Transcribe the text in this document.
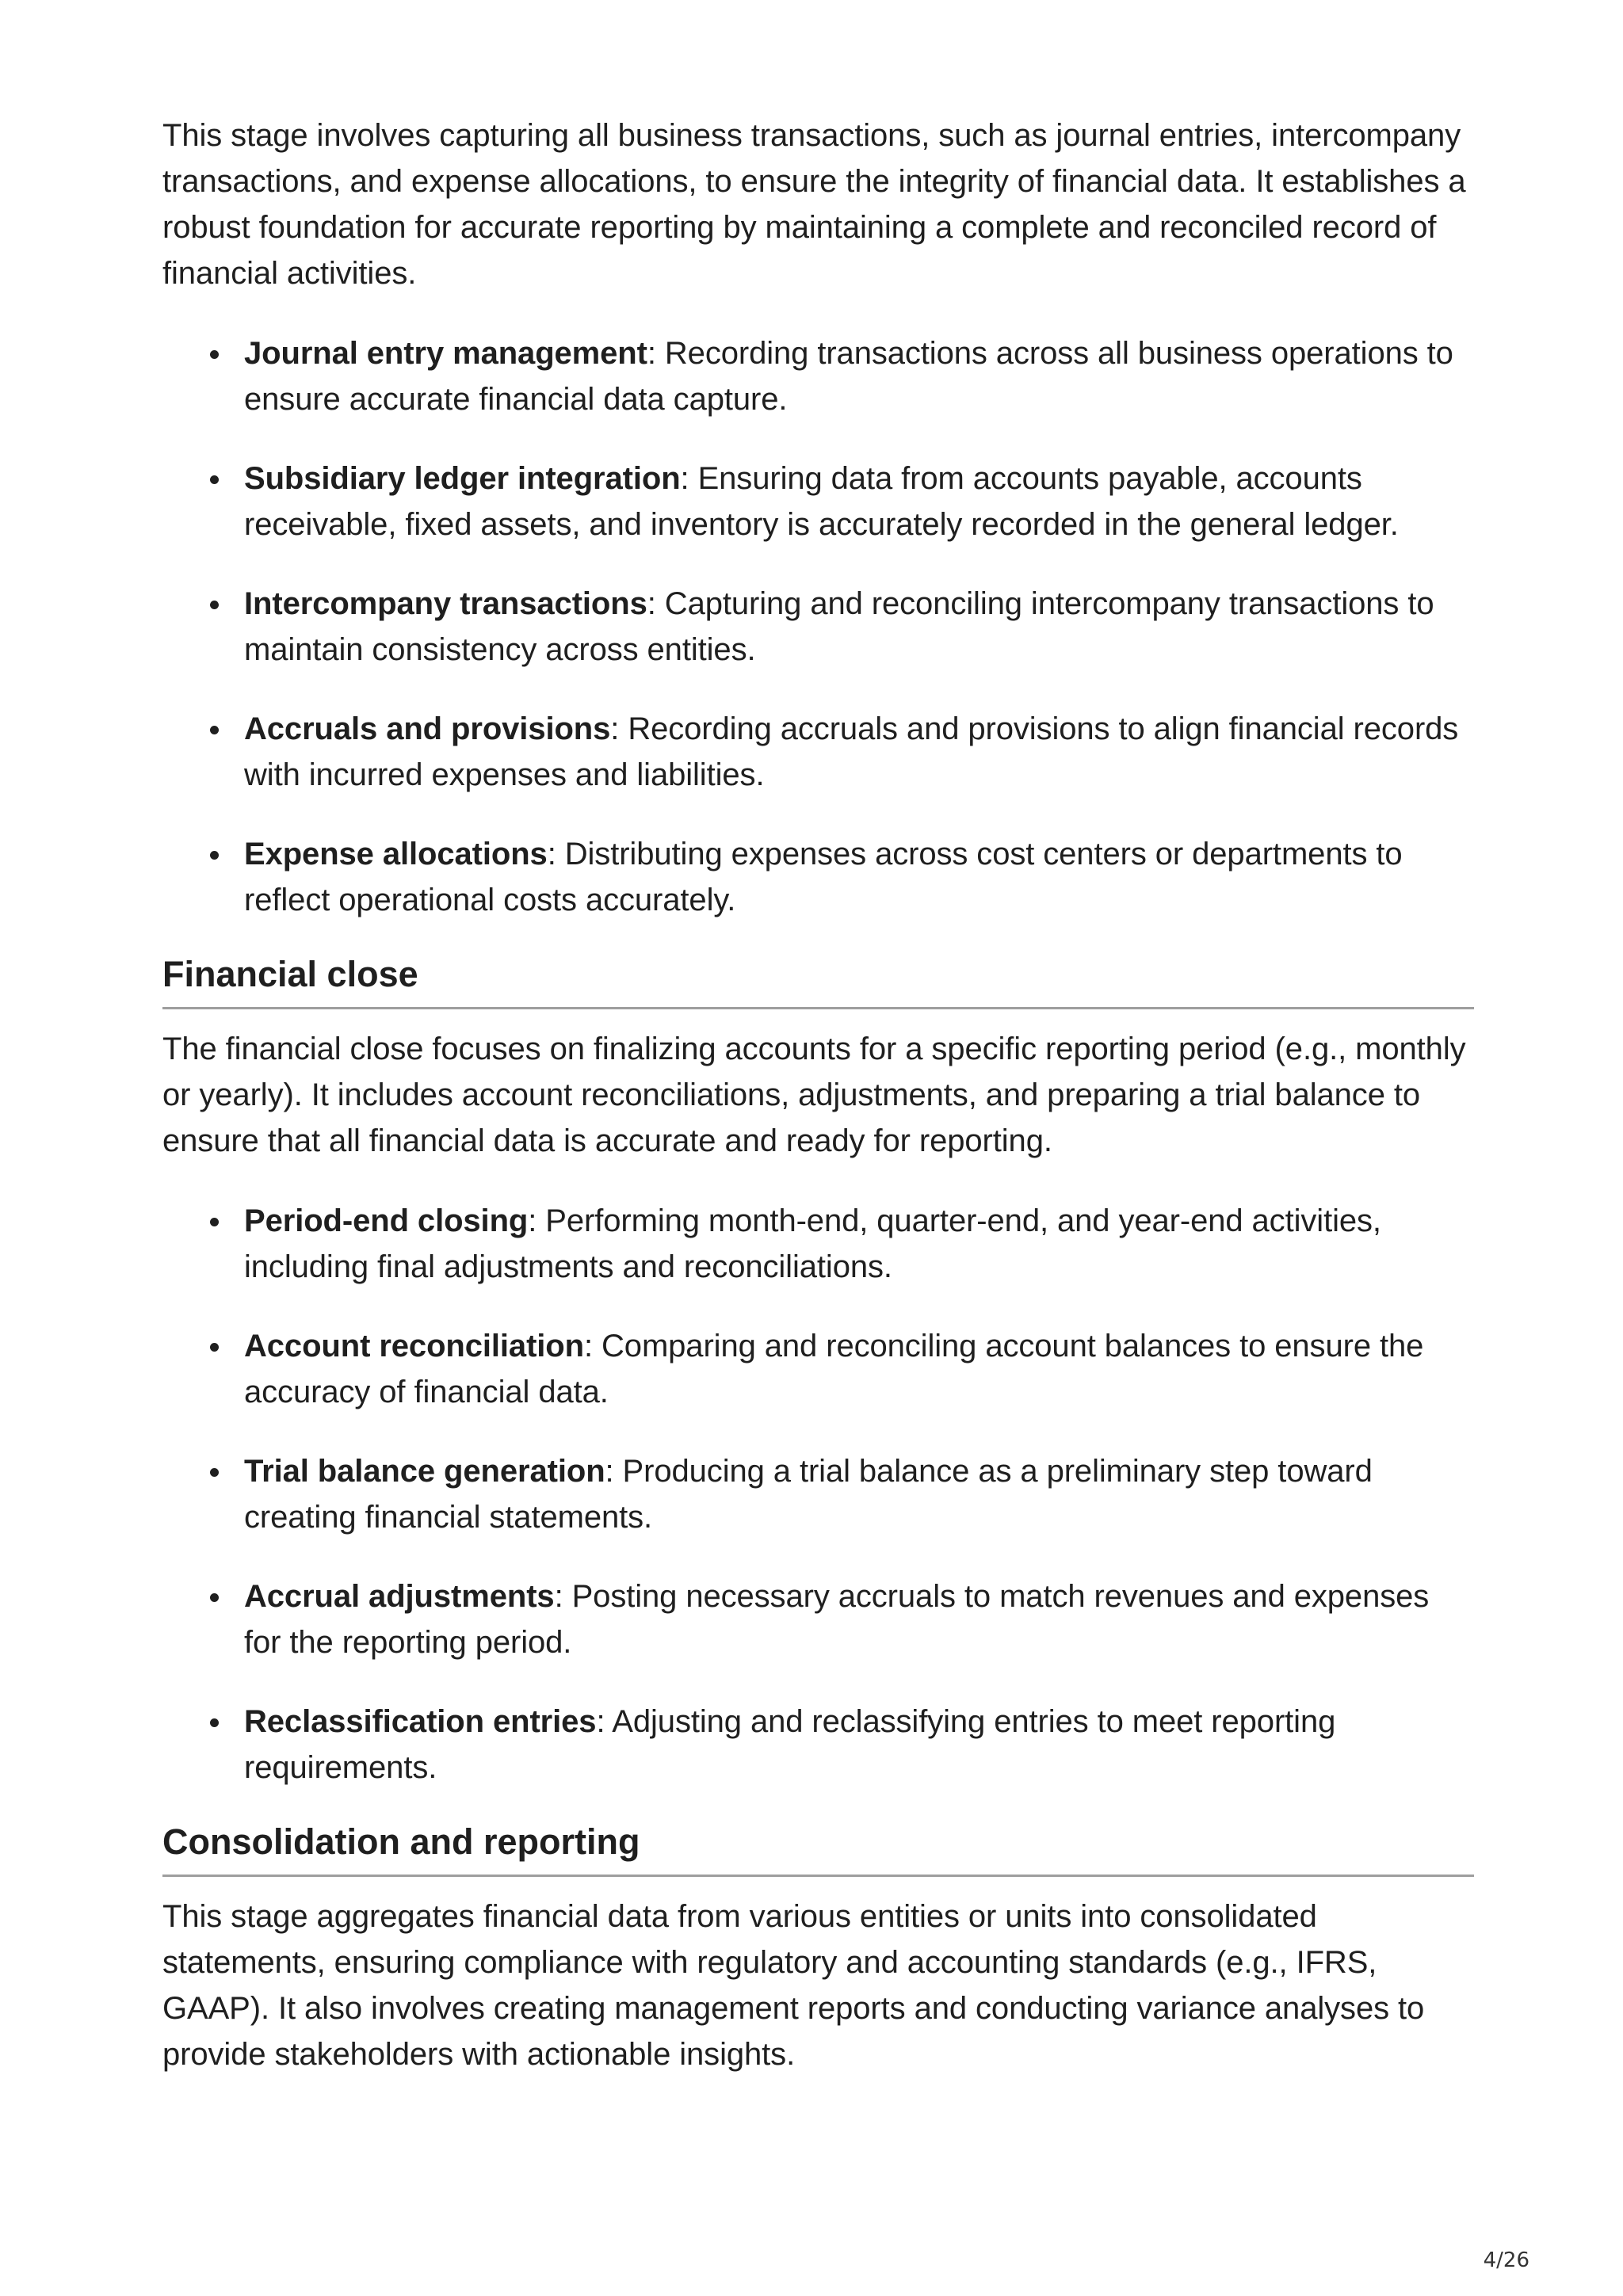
This stage involves capturing all business transactions, such as journal entries, intercompany transactions, and expense allocations, to ensure the integrity of financial data. It establishes a robust foundation for accurate reporting by maintaining a complete and reconciled record of financial activities.

Journal entry management: Recording transactions across all business operations to ensure accurate financial data capture.
Subsidiary ledger integration: Ensuring data from accounts payable, accounts receivable, fixed assets, and inventory is accurately recorded in the general ledger.
Intercompany transactions: Capturing and reconciling intercompany transactions to maintain consistency across entities.
Accruals and provisions: Recording accruals and provisions to align financial records with incurred expenses and liabilities.
Expense allocations: Distributing expenses across cost centers or departments to reflect operational costs accurately.
Financial close

The financial close focuses on finalizing accounts for a specific reporting period (e.g., monthly or yearly). It includes account reconciliations, adjustments, and preparing a trial balance to ensure that all financial data is accurate and ready for reporting.

Period-end closing: Performing month-end, quarter-end, and year-end activities, including final adjustments and reconciliations.
Account reconciliation: Comparing and reconciling account balances to ensure the accuracy of financial data.
Trial balance generation: Producing a trial balance as a preliminary step toward creating financial statements.
Accrual adjustments: Posting necessary accruals to match revenues and expenses for the reporting period.
Reclassification entries: Adjusting and reclassifying entries to meet reporting requirements.
Consolidation and reporting

This stage aggregates financial data from various entities or units into consolidated statements, ensuring compliance with regulatory and accounting standards (e.g., IFRS, GAAP). It also involves creating management reports and conducting variance analyses to provide stakeholders with actionable insights.

4/26
